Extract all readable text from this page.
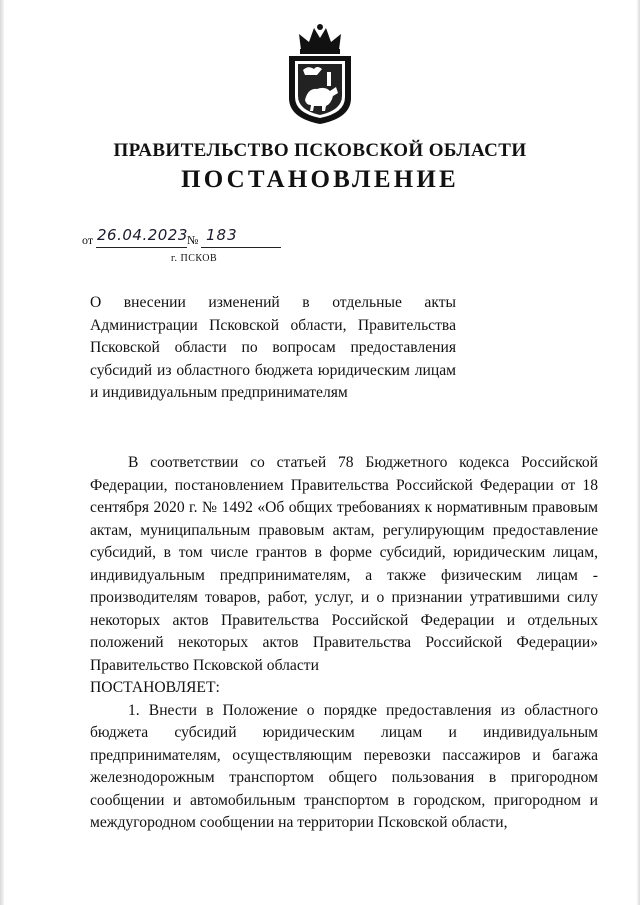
ПРАВИТЕЛЬСТВО ПСКОВСКОЙ ОБЛАСТИ
ПОСТАНОВЛЕНИЕ
от 26.04.2023 № 183
г. ПСКОВ
О внесении изменений в отдельные акты Администрации Псковской области, Правительства Псковской области по вопросам предоставления субсидий из областного бюджета юридическим лицам и индивидуальным предпринимателям

В соответствии со статьей 78 Бюджетного кодекса Российской Федерации, постановлением Правительства Российской Федерации от 18 сентября 2020 г. № 1492 «Об общих требованиях к нормативным правовым актам, муниципальным правовым актам, регулирующим предоставление субсидий, в том числе грантов в форме субсидий, юридическим лицам, индивидуальным предпринимателям, а также физическим лицам - производителям товаров, работ, услуг, и о признании утратившими силу некоторых актов Правительства Российской Федерации и отдельных положений некоторых актов Правительства Российской Федерации» Правительство Псковской области

ПОСТАНОВЛЯЕТ:

1. Внести в Положение о порядке предоставления из областного бюджета субсидий юридическим лицам и индивидуальным предпринимателям, осуществляющим перевозки пассажиров и багажа железнодорожным транспортом общего пользования в пригородном сообщении и автомобильным транспортом в городском, пригородном и междугородном сообщении на территории Псковской области,
